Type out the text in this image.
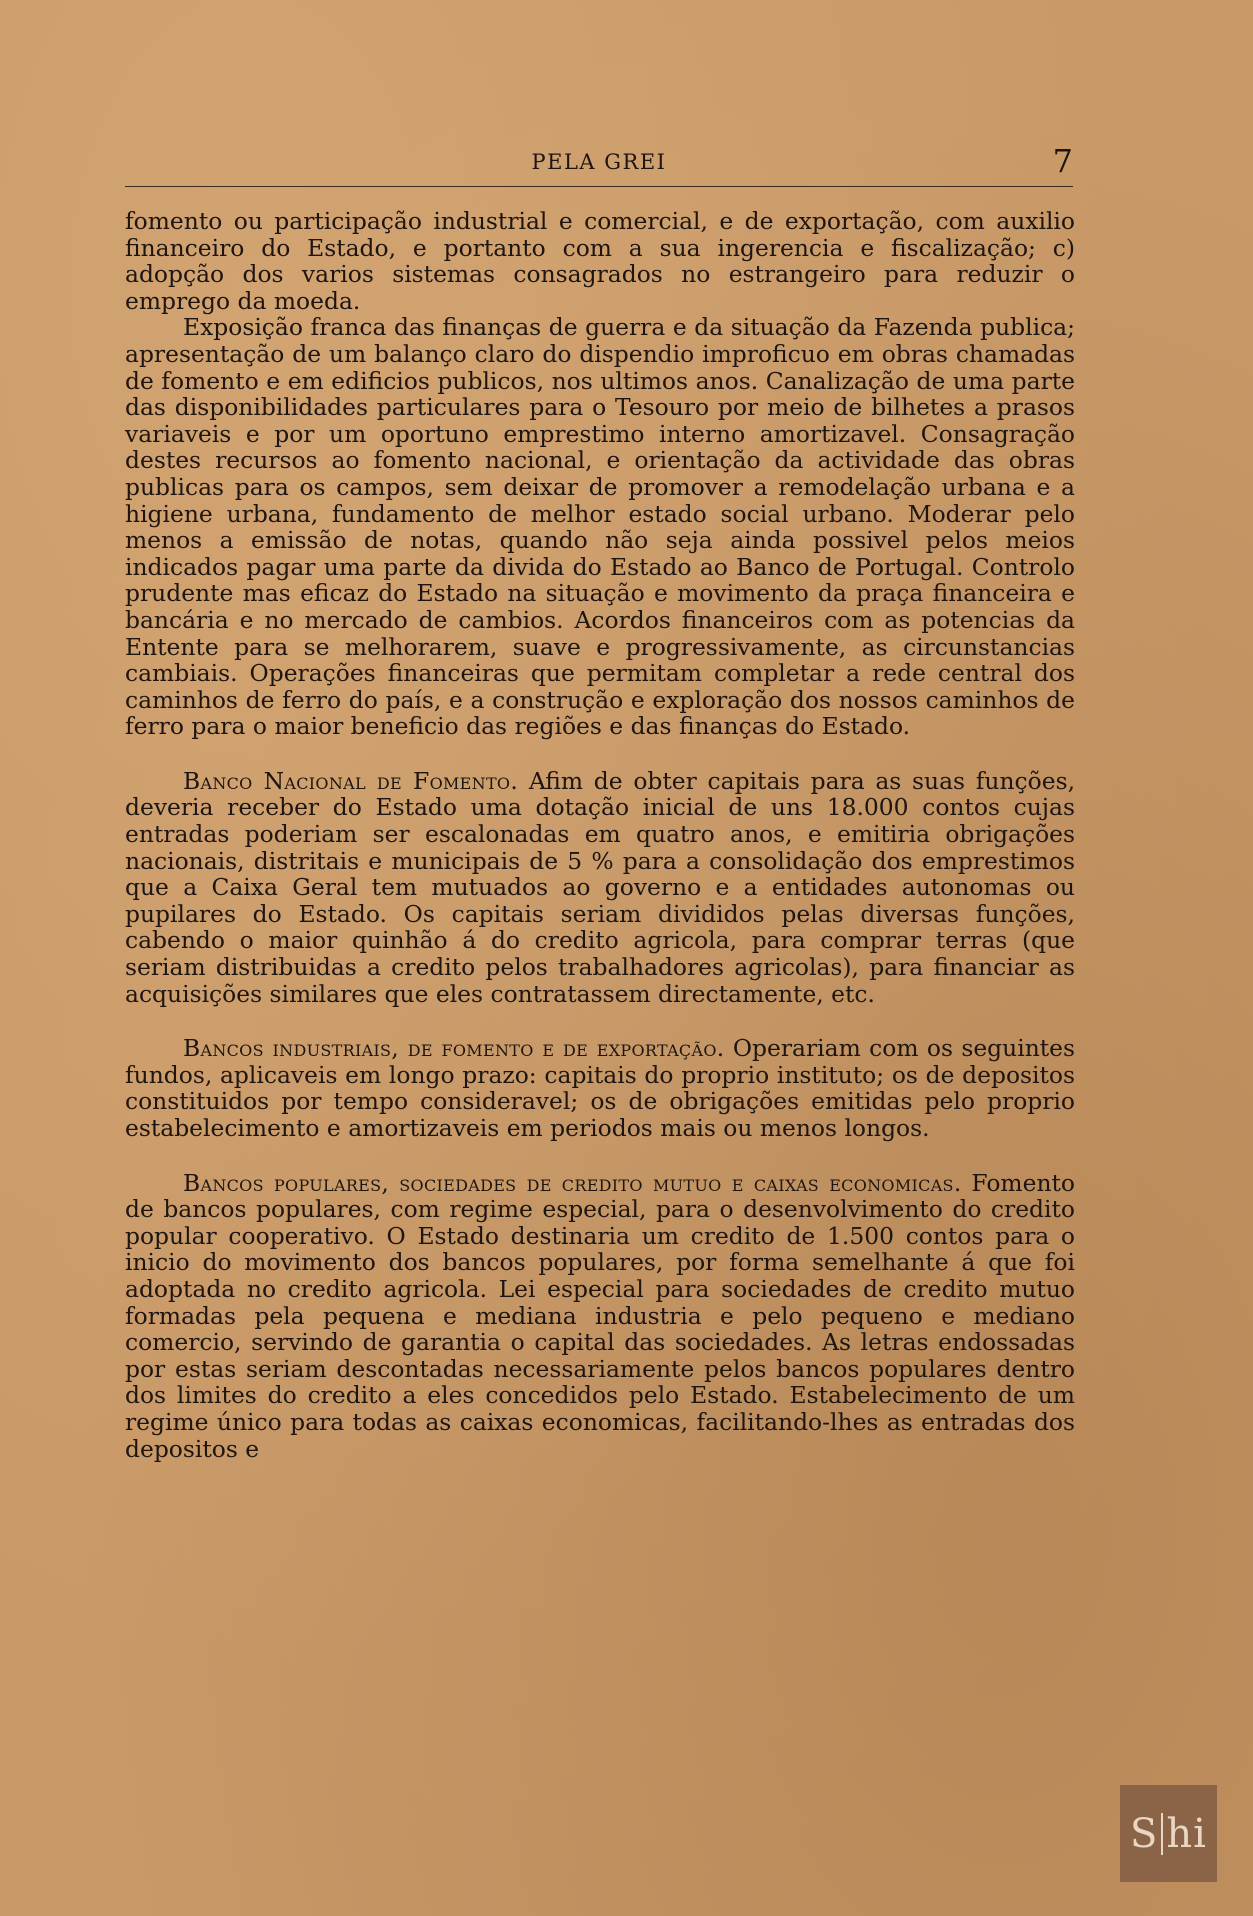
PELA GREI	7

fomento ou participação industrial e comercial, e de exportação, com auxilio financeiro do Estado, e portanto com a sua ingerencia e fiscalização; c) adopção dos varios sistemas consagrados no estrangeiro para reduzir o emprego da moeda.

Exposição franca das finanças de guerra e da situação da Fazenda publica; apresentação de um balanço claro do dispendio improficuo em obras chamadas de fomento e em edificios publicos, nos ultimos anos. Canalização de uma parte das disponibilidades particulares para o Tesouro por meio de bilhetes a prasos variaveis e por um oportuno emprestimo interno amortizavel. Consagração destes recursos ao fomento nacional, e orientação da actividade das obras publicas para os campos, sem deixar de promover a remodelação urbana e a higiene urbana, fundamento de melhor estado social urbano. Moderar pelo menos a emissão de notas, quando não seja ainda possivel pelos meios indicados pagar uma parte da divida do Estado ao Banco de Portugal. Controlo prudente mas eficaz do Estado na situação e movimento da praça financeira e bancária e no mercado de cambios. Acordos financeiros com as potencias da Entente para se melhorarem, suave e progressivamente, as circunstancias cambiais. Operações financeiras que permitam completar a rede central dos caminhos de ferro do país, e a construção e exploração dos nossos caminhos de ferro para o maior beneficio das regiões e das finanças do Estado.

Banco Nacional de Fomento. Afim de obter capitais para as suas funções, deveria receber do Estado uma dotação inicial de uns 18.000 contos cujas entradas poderiam ser escalonadas em quatro anos, e emitiria obrigações nacionais, distritais e municipais de 5 % para a consolidação dos emprestimos que a Caixa Geral tem mutuados ao governo e a entidades autonomas ou pupilares do Estado. Os capitais seriam divididos pelas diversas funções, cabendo o maior quinhão á do credito agricola, para comprar terras (que seriam distribuidas a credito pelos trabalhadores agricolas), para financiar as acquisições similares que eles contratassem directamente, etc.

Bancos industriais, de fomento e de exportação. Operariam com os seguintes fundos, aplicaveis em longo prazo: capitais do proprio instituto; os de depositos constituidos por tempo consideravel; os de obrigações emitidas pelo proprio estabelecimento e amortizaveis em periodos mais ou menos longos.

Bancos populares, sociedades de credito mutuo e caixas economicas. Fomento de bancos populares, com regime especial, para o desenvolvimento do credito popular cooperativo. O Estado destinaria um credito de 1.500 contos para o inicio do movimento dos bancos populares, por forma semelhante á que foi adoptada no credito agricola. Lei especial para sociedades de credito mutuo formadas pela pequena e mediana industria e pelo pequeno e mediano comercio, servindo de garantia o capital das sociedades. As letras endossadas por estas seriam descontadas necessariamente pelos bancos populares dentro dos limites do credito a eles concedidos pelo Estado. Estabelecimento de um regime único para todas as caixas economicas, facilitando-lhes as entradas dos depositos e

S hi
